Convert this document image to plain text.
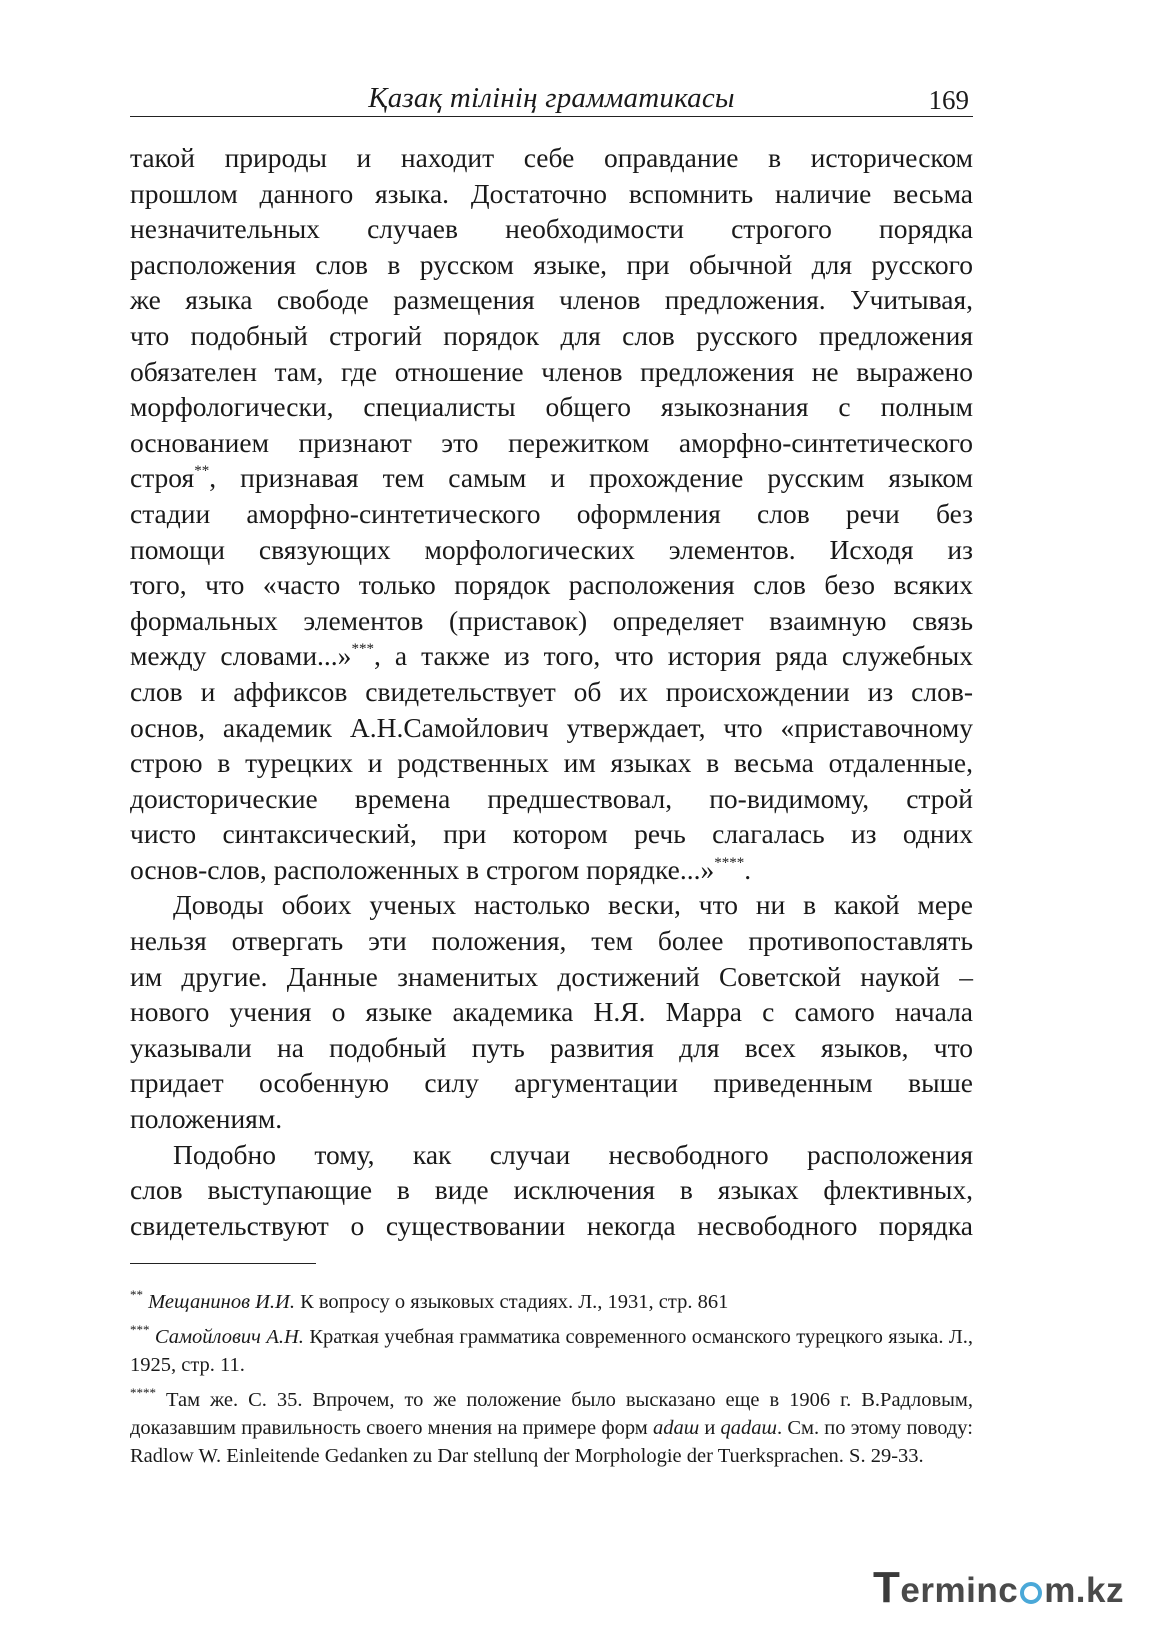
Қазақ тілінің грамматикасы	169

такой природы и находит себе оправдание в историческом

прошлом данного языка. Достаточно вспомнить наличие весьма

незначительных случаев необходимости строгого порядка

расположения слов в русском языке, при обычной для русского

же языка свободе размещения членов предложения. Учитывая,

что подобный строгий порядок для слов русского предложения

обязателен там, где отношение членов предложения не выражено

морфологически, специалисты общего языкознания с полным

основанием признают это пережитком аморфно-синтетического

строя**, признавая тем самым и прохождение русским языком

стадии аморфно-синтетического оформления слов речи без

помощи связующих морфологических элементов. Исходя из

того, что «часто только порядок расположения слов безо всяких

формальных элементов (приставок) определяет взаимную связь

между словами...»***, а также из того, что история ряда служебных

слов и аффиксов свидетельствует об их происхождении из слов-

основ, академик А.Н.Самойлович утверждает, что «приставочному

строю в турецких и родственных им языках в весьма отдаленные,

доисторические времена предшествовал, по-видимому, строй

чисто синтаксический, при котором речь слагалась из одних

основ-слов, расположенных в строгом порядке...»****.

Доводы обоих ученых настолько вески, что ни в какой мере

нельзя отвергать эти положения, тем более противопоставлять

им другие. Данные знаменитых достижений Советской наукой –

нового учения о языке академика Н.Я. Марра с самого начала

указывали на подобный путь развития для всех языков, что

придает особенную силу аргументации приведенным выше

положениям.

Подобно тому, как случаи несвободного расположения

слов выступающие в виде исключения в языках флективных,

свидетельствуют о существовании некогда несвободного порядка

** Мещанинов И.И. К вопросу о языковых стадиях. Л., 1931, стр. 861

*** Самойлович А.Н. Краткая учебная грамматика современного османского турецкого языка. Л., 1925, стр. 11.

**** Там же. С. 35. Впрочем, то же положение было высказано еще в 1906 г. В.Радловым, доказавшим правильность своего мнения на примере форм adaш и qadaш. См. по этому поводу: Radlow W. Einleitende Gedanken zu Dar stellunq der Morphologie der Tuerksprachen. S. 29-33.

T erminc m.kz
